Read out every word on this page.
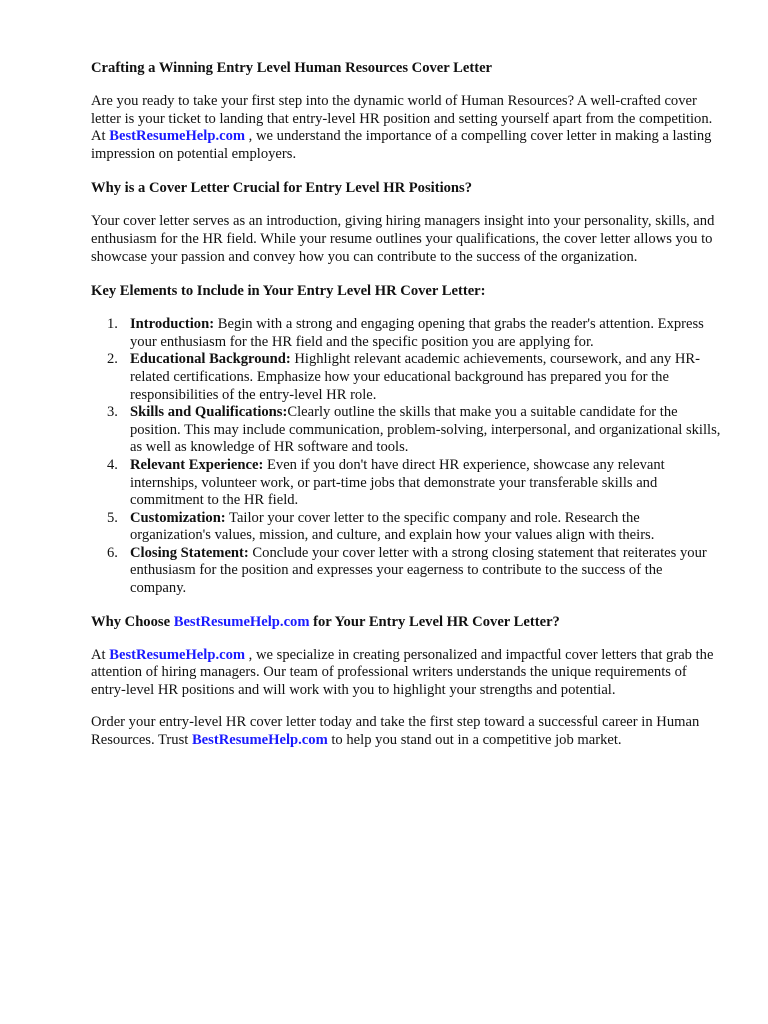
Crafting a Winning Entry Level Human Resources Cover Letter

Are you ready to take your first step into the dynamic world of Human Resources? A well-crafted cover letter is your ticket to landing that entry-level HR position and setting yourself apart from the competition. At BestResumeHelp.com , we understand the importance of a compelling cover letter in making a lasting impression on potential employers.

Why is a Cover Letter Crucial for Entry Level HR Positions?

Your cover letter serves as an introduction, giving hiring managers insight into your personality, skills, and enthusiasm for the HR field. While your resume outlines your qualifications, the cover letter allows you to showcase your passion and convey how you can contribute to the success of the organization.

Key Elements to Include in Your Entry Level HR Cover Letter:

1. Introduction: Begin with a strong and engaging opening that grabs the reader's attention. Express your enthusiasm for the HR field and the specific position you are applying for.
2. Educational Background: Highlight relevant academic achievements, coursework, and any HR-related certifications. Emphasize how your educational background has prepared you for the responsibilities of the entry-level HR role.
3. Skills and Qualifications:Clearly outline the skills that make you a suitable candidate for the position. This may include communication, problem-solving, interpersonal, and organizational skills, as well as knowledge of HR software and tools.
4. Relevant Experience: Even if you don't have direct HR experience, showcase any relevant internships, volunteer work, or part-time jobs that demonstrate your transferable skills and commitment to the HR field.
5. Customization: Tailor your cover letter to the specific company and role. Research the organization's values, mission, and culture, and explain how your values align with theirs.
6. Closing Statement: Conclude your cover letter with a strong closing statement that reiterates your enthusiasm for the position and expresses your eagerness to contribute to the success of the company.

Why Choose BestResumeHelp.com for Your Entry Level HR Cover Letter?

At BestResumeHelp.com , we specialize in creating personalized and impactful cover letters that grab the attention of hiring managers. Our team of professional writers understands the unique requirements of entry-level HR positions and will work with you to highlight your strengths and potential.

Order your entry-level HR cover letter today and take the first step toward a successful career in Human Resources. Trust BestResumeHelp.com to help you stand out in a competitive job market.
